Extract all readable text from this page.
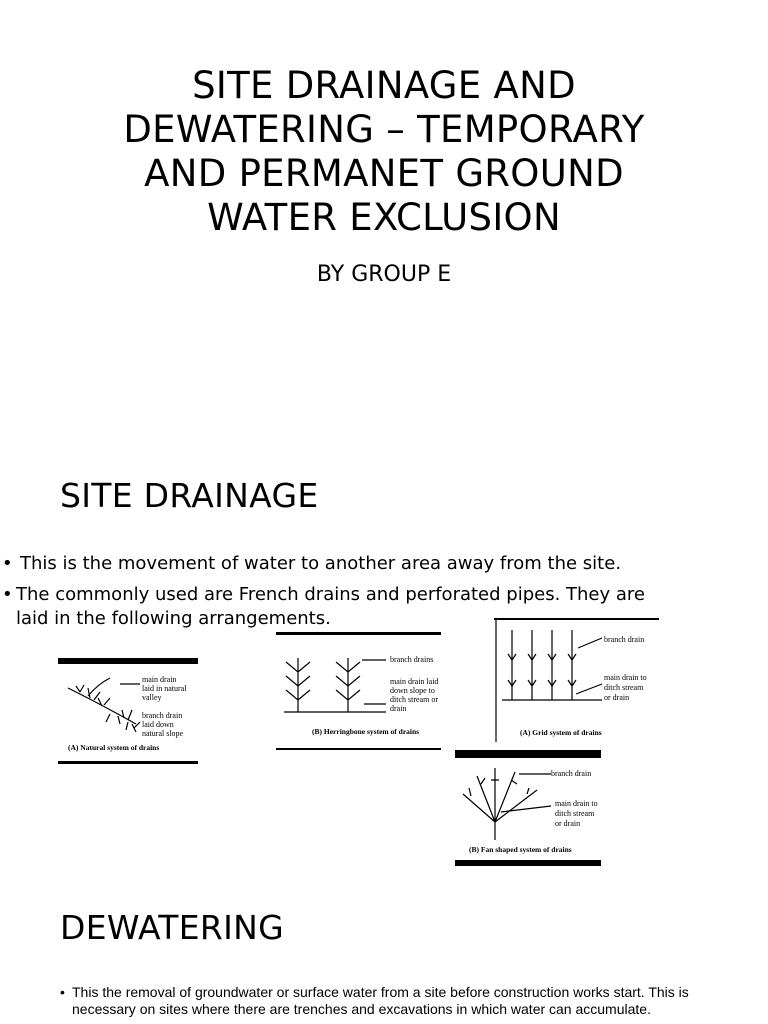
SITE DRAINAGE AND
DEWATERING – TEMPORARY
AND PERMANET GROUND
WATER EXCLUSION
BY GROUP E
SITE DRAINAGE
• This is the movement of water to another area away from the site.
• The commonly used are French drains and perforated pipes. They are laid in the following arrangements.
main drain
laid in natural
valley
branch drain
laid down
natural slope
(A) Natural system of drains
branch drains
main drain laid
down slope to
ditch stream or
drain
(B) Herringbone system of drains
branch drain
main drain to
ditch stream
or drain
(A) Grid system of drains
branch drain
main drain to
ditch stream
or drain
(B) Fan shaped system of drains
DEWATERING
• This the removal of groundwater or surface water from a site before construction works start. This is necessary on sites where there are trenches and excavations in which water can accumulate.
